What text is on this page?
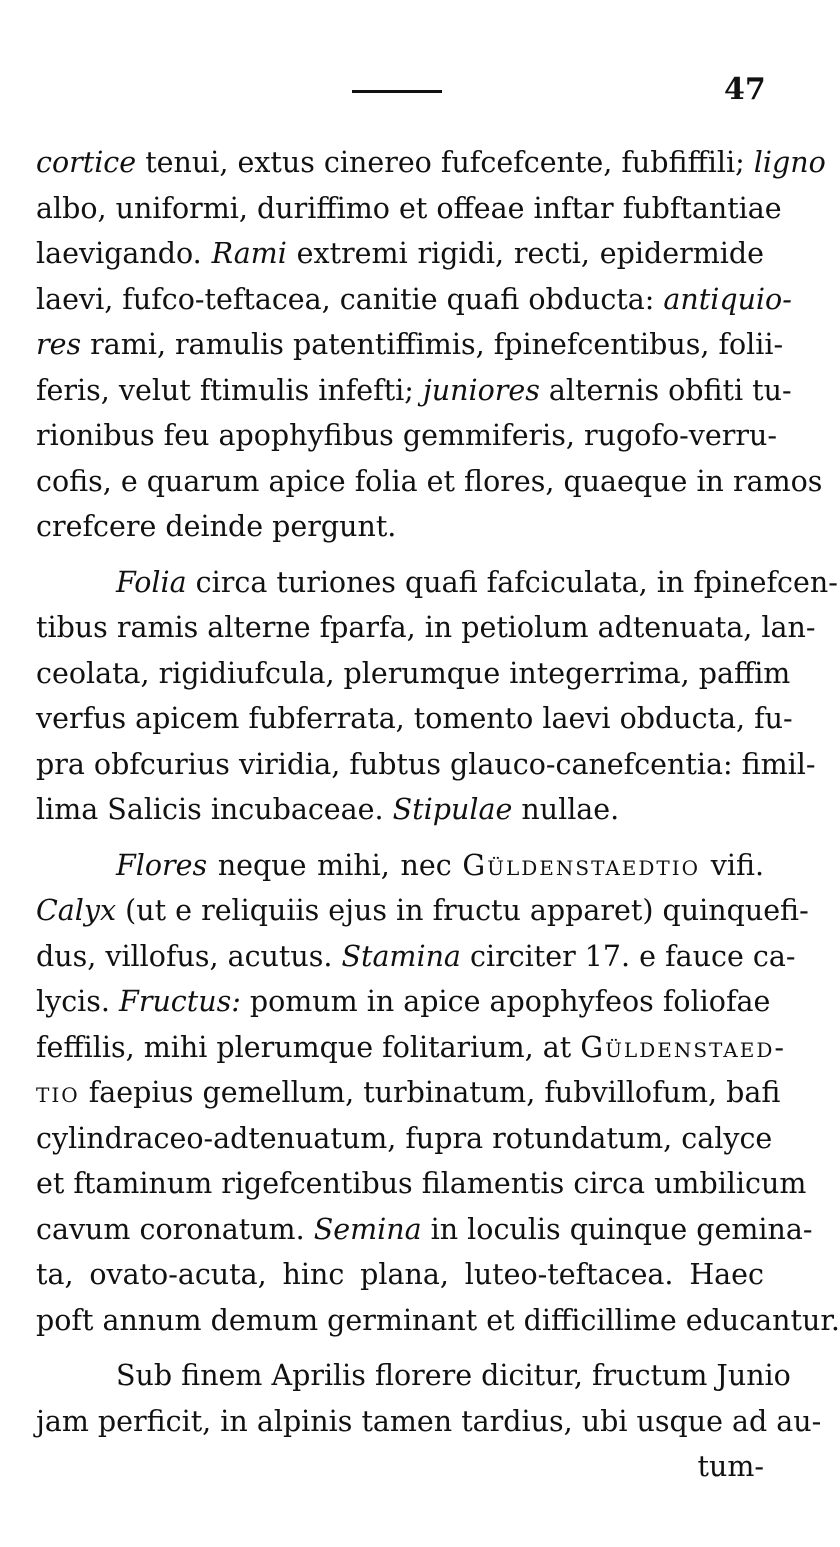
47
cortice tenui, extus cinereo fufcefcente, fubfiffili; ligno
albo, uniformi, duriffimo et offeae inftar fubftantiae
laevigando. Rami extremi rigidi, recti, epidermide
laevi, fufco-teftacea, canitie quafi obducta: antiquio-
res rami, ramulis patentiffimis, fpinefcentibus, folii-
feris, velut ftimulis infefti; juniores alternis obfiti tu-
rionibus feu apophyfibus gemmiferis, rugofo-verru-
cofis, e quarum apice folia et flores, quaeque in ramos
crefcere deinde pergunt.
Folia circa turiones quafi fafciculata, in fpinefcen-
tibus ramis alterne fparfa, in petiolum adtenuata, lan-
ceolata, rigidiufcula, plerumque integerrima, paffim
verfus apicem fubferrata, tomento laevi obducta, fu-
pra obfcurius viridia, fubtus glauco-canefcentia: fimil-
lima Salicis incubaceae. Stipulae nullae.
Flores neque mihi, nec Güldenstaedtio vifi.
Calyx (ut e reliquiis ejus in fructu apparet) quinquefi-
dus, villofus, acutus. Stamina circiter 17. e fauce ca-
lycis. Fructus: pomum in apice apophyfeos foliofae
feffilis, mihi plerumque folitarium, at Güldenstaed-
tio faepius gemellum, turbinatum, fubvillofum, bafi
cylindraceo-adtenuatum, fupra rotundatum, calyce
et ftaminum rigefcentibus filamentis circa umbilicum
cavum coronatum. Semina in loculis quinque gemina-
ta, ovato-acuta, hinc plana, luteo-teftacea. Haec
poft annum demum germinant et difficillime educantur.
Sub finem Aprilis florere dicitur, fructum Junio
jam perficit, in alpinis tamen tardius, ubi usque ad au-
tum-
